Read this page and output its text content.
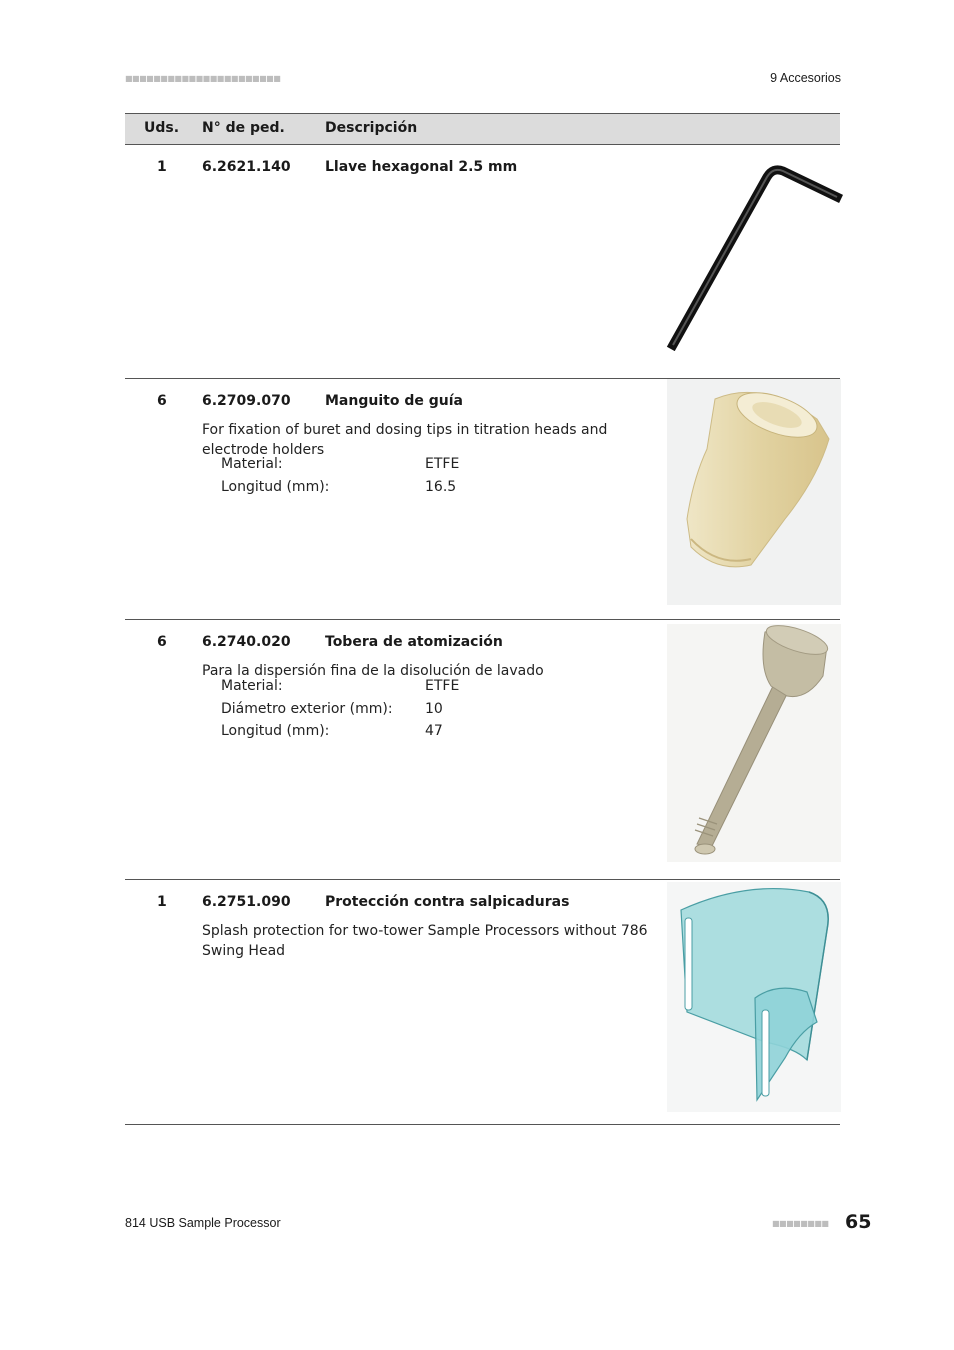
■■■■■■■■■■■■■■■■■■■■■■	9 Accesorios
Uds. N° de ped.	Descripción
1	6.2621.140 Llave hexagonal 2.5 mm
6	6.2709.070 Manguito de guía
For fixation of buret and dosing tips in titration heads and electrode holders
Material:	ETFE
Longitud (mm):	16.5
6	6.2740.020 Tobera de atomización
Para la dispersión fina de la disolución de lavado
Material:	ETFE
Diámetro exterior (mm): 10
Longitud (mm):	47
1	6.2751.090 Protección contra salpicaduras
Splash protection for two-tower Sample Processors without 786 Swing Head
814 USB Sample Processor	■■■■■■■■ 65
